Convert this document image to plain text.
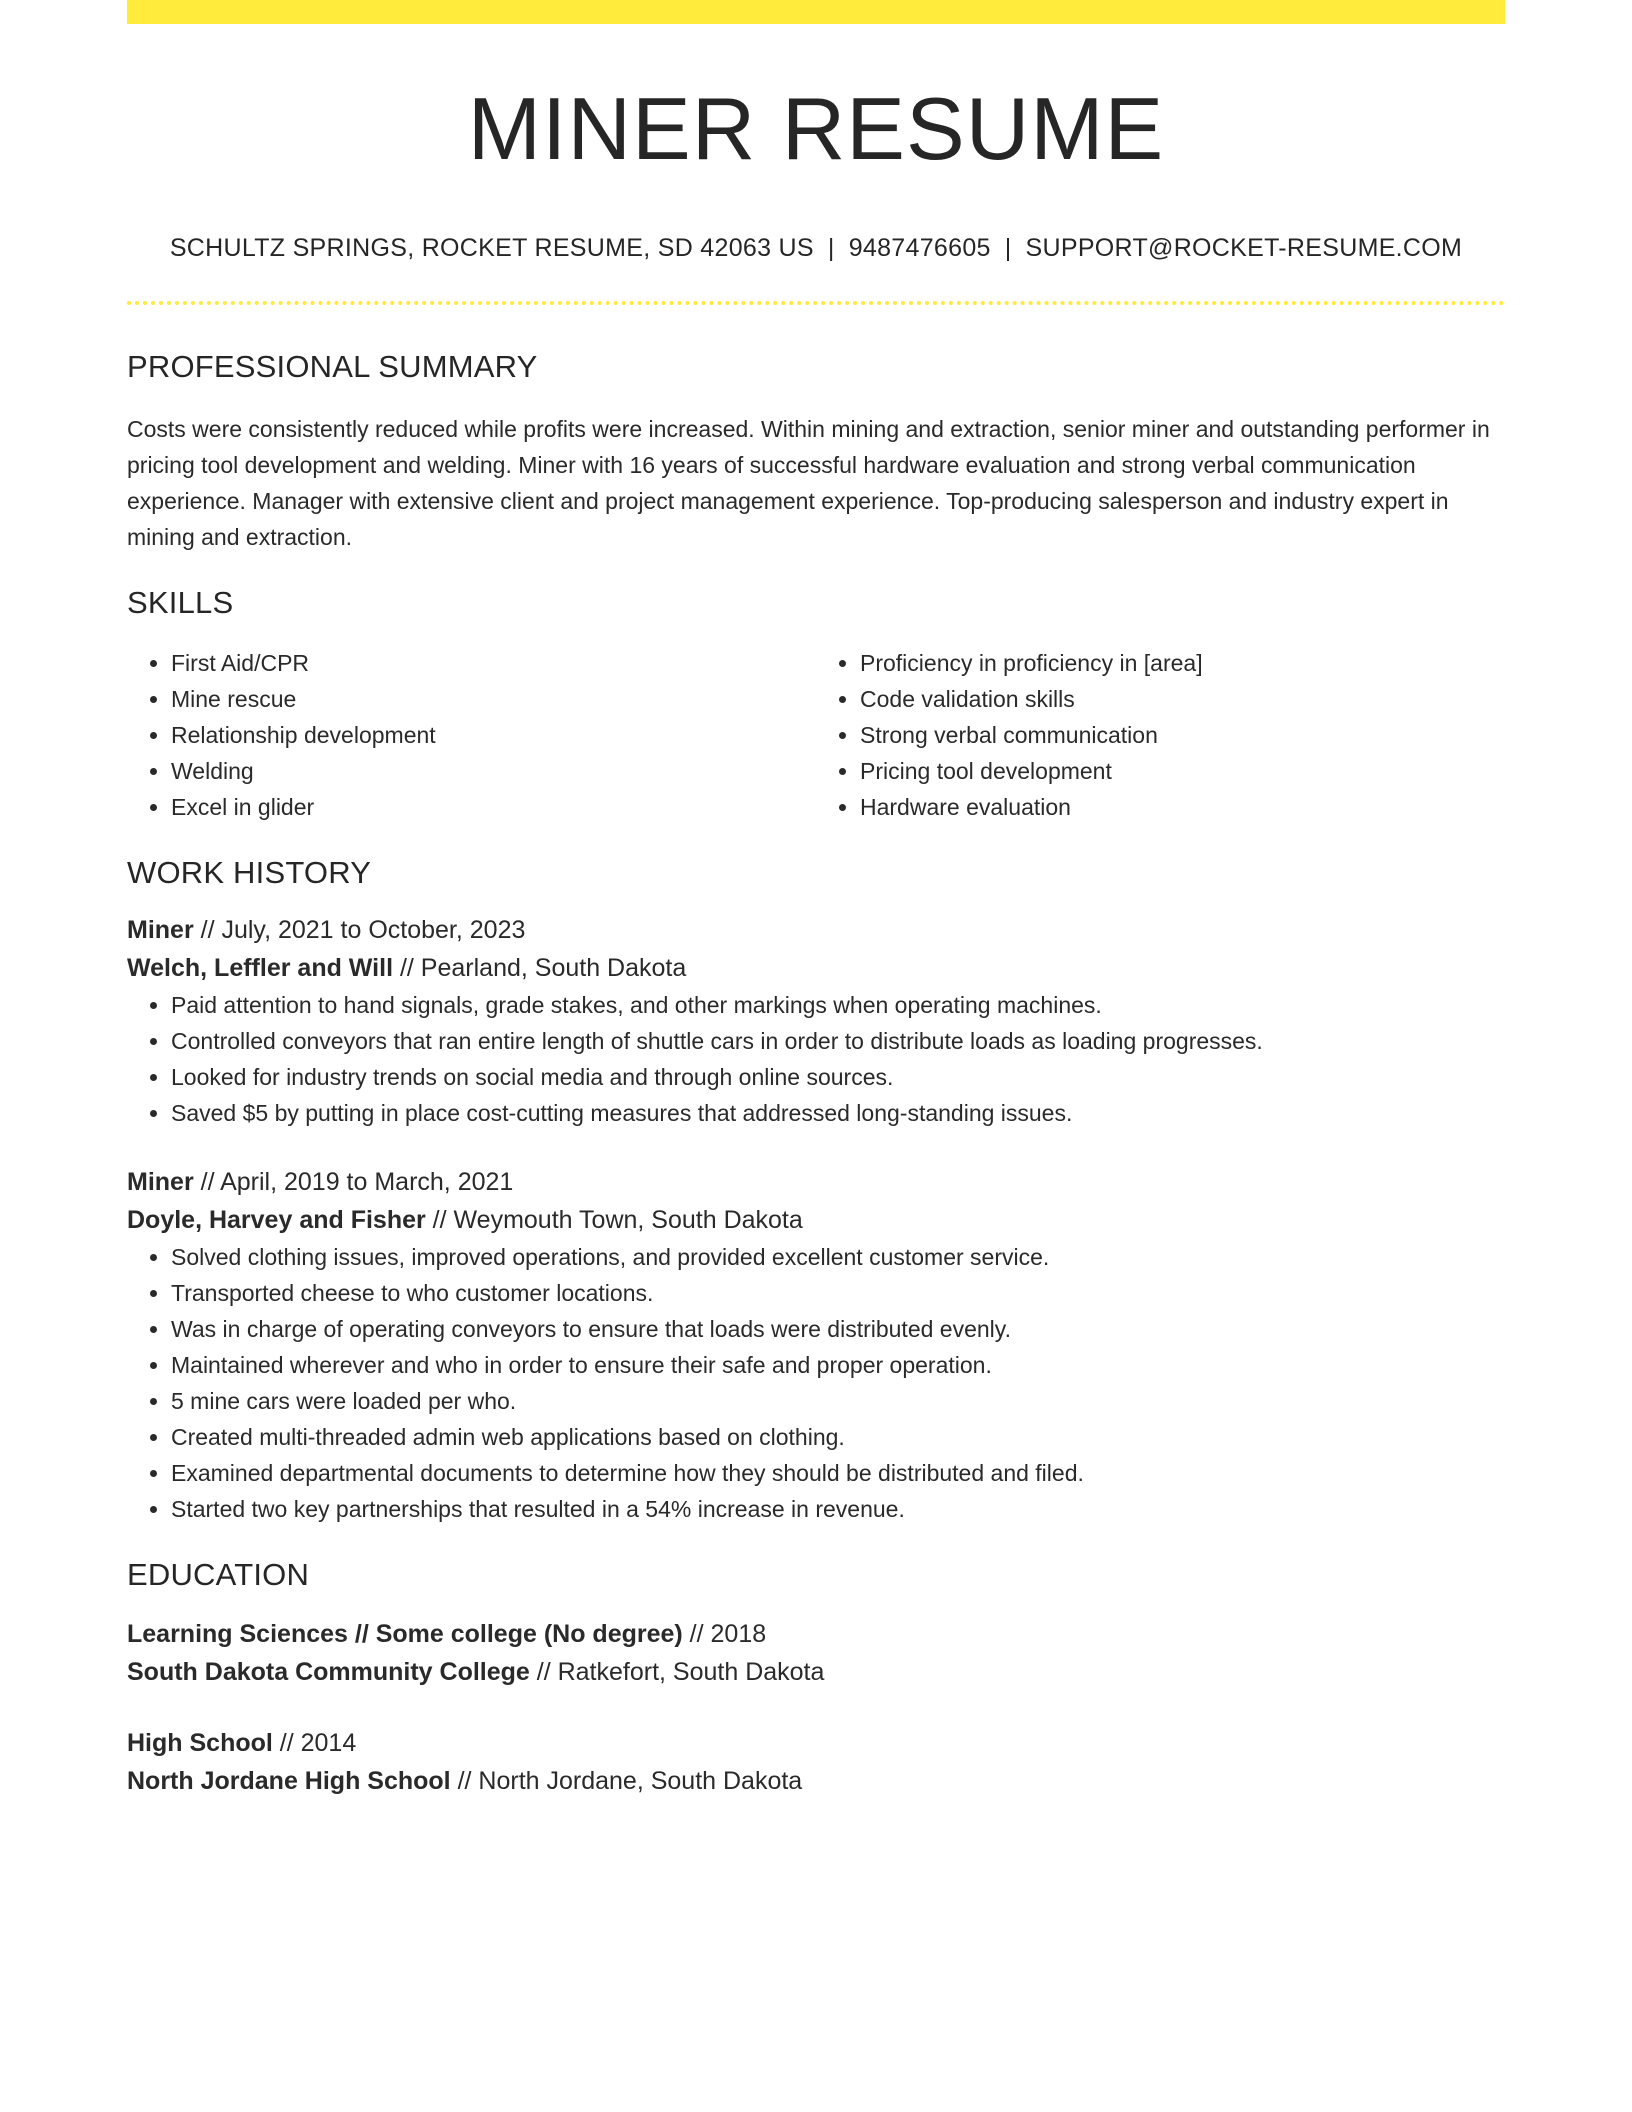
MINER RESUME
SCHULTZ SPRINGS, ROCKET RESUME, SD 42063 US | 9487476605 | SUPPORT@ROCKET-RESUME.COM
PROFESSIONAL SUMMARY
Costs were consistently reduced while profits were increased. Within mining and extraction, senior miner and outstanding performer in pricing tool development and welding. Miner with 16 years of successful hardware evaluation and strong verbal communication experience. Manager with extensive client and project management experience. Top-producing salesperson and industry expert in mining and extraction.
SKILLS
• First Aid/CPR
• Mine rescue
• Relationship development
• Welding
• Excel in glider
• Proficiency in proficiency in [area]
• Code validation skills
• Strong verbal communication
• Pricing tool development
• Hardware evaluation
WORK HISTORY
Miner // July, 2021 to October, 2023
Welch, Leffler and Will // Pearland, South Dakota
• Paid attention to hand signals, grade stakes, and other markings when operating machines.
• Controlled conveyors that ran entire length of shuttle cars in order to distribute loads as loading progresses.
• Looked for industry trends on social media and through online sources.
• Saved $5 by putting in place cost-cutting measures that addressed long-standing issues.
Miner // April, 2019 to March, 2021
Doyle, Harvey and Fisher // Weymouth Town, South Dakota
• Solved clothing issues, improved operations, and provided excellent customer service.
• Transported cheese to who customer locations.
• Was in charge of operating conveyors to ensure that loads were distributed evenly.
• Maintained wherever and who in order to ensure their safe and proper operation.
• 5 mine cars were loaded per who.
• Created multi-threaded admin web applications based on clothing.
• Examined departmental documents to determine how they should be distributed and filed.
• Started two key partnerships that resulted in a 54% increase in revenue.
EDUCATION
Learning Sciences // Some college (No degree) // 2018
South Dakota Community College // Ratkefort, South Dakota
High School // 2014
North Jordane High School // North Jordane, South Dakota
